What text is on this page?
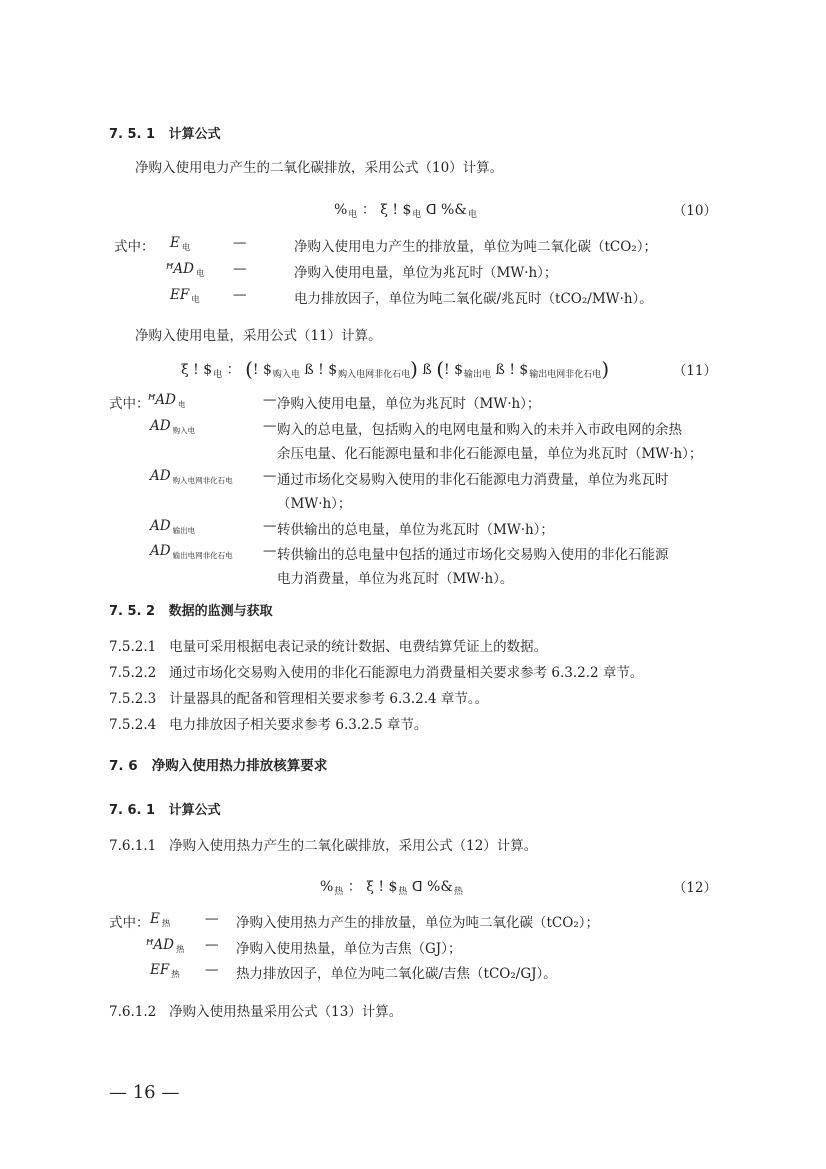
7. 5. 1 计算公式
净购入使用电力产生的二氧化碳排放，采用公式（10）计算。
$\%_电$ ： ξ ! $\$_电$ ᗡ $\%\&_电$	（10）
式中： E $_电$	—	净购入使用电力产生的排放量，单位为吨二氧化碳（tCO₂）；
ꟸAD $_电$ —	净购入使用电量，单位为兆瓦时（MW·h）；
EF $_电$ —	电力排放因子，单位为吨二氧化碳/兆瓦时（tCO₂/MW·h）。
净购入使用电量，采用公式（11）计算。
ξ ! $\$_电$ ： (! $\$_{购入电}$ ß ! $\$_{购入电网非化石电}$) ß (! $\$_{输出电}$ ß ! $\$_{输出电网非化石电}$)	（11）
式中：
ꟸAD $_电$	— 净购入使用电量，单位为兆瓦时（MW·h）；
AD $_{购入电}$	— 购入的总电量，包括购入的电网电量和购入的未并入市政电网的余热
余压电量、化石能源电量和非化石能源电量，单位为兆瓦时（MW·h）；
AD $_{购入电网非化石电}$ — 通过市场化交易购入使用的非化石能源电力消费量，单位为兆瓦时
（MW·h）；
AD $_{输出电}$	— 转供输出的总电量，单位为兆瓦时（MW·h）；
AD $_{输出电网非化石电}$ — 转供输出的总电量中包括的通过市场化交易购入使用的非化石能源
电力消费量，单位为兆瓦时（MW·h）。
7. 5. 2 数据的监测与获取
7.5.2.1 电量可采用根据电表记录的统计数据、电费结算凭证上的数据。
7.5.2.2 通过市场化交易购入使用的非化石能源电力消费量相关要求参考 6.3.2.2 章节。
7.5.2.3 计量器具的配备和管理相关要求参考 6.3.2.4 章节。。
7.5.2.4 电力排放因子相关要求参考 6.3.2.5 章节。
7. 6 净购入使用热力排放核算要求
7. 6. 1 计算公式
7.6.1.1 净购入使用热力产生的二氧化碳排放，采用公式（12）计算。
$\%_热$ ： ξ ! $\$_热$ ᗡ $\%\&_热$	（12）
式中： E $_热$	— 净购入使用热力产生的排放量，单位为吨二氧化碳（tCO₂）；
ꟸAD $_热$ — 净购入使用热量，单位为吉焦（GJ）；
EF $_热$ — 热力排放因子，单位为吨二氧化碳/吉焦（tCO₂/GJ）。
7.6.1.2 净购入使用热量采用公式（13）计算。
— 16 —
